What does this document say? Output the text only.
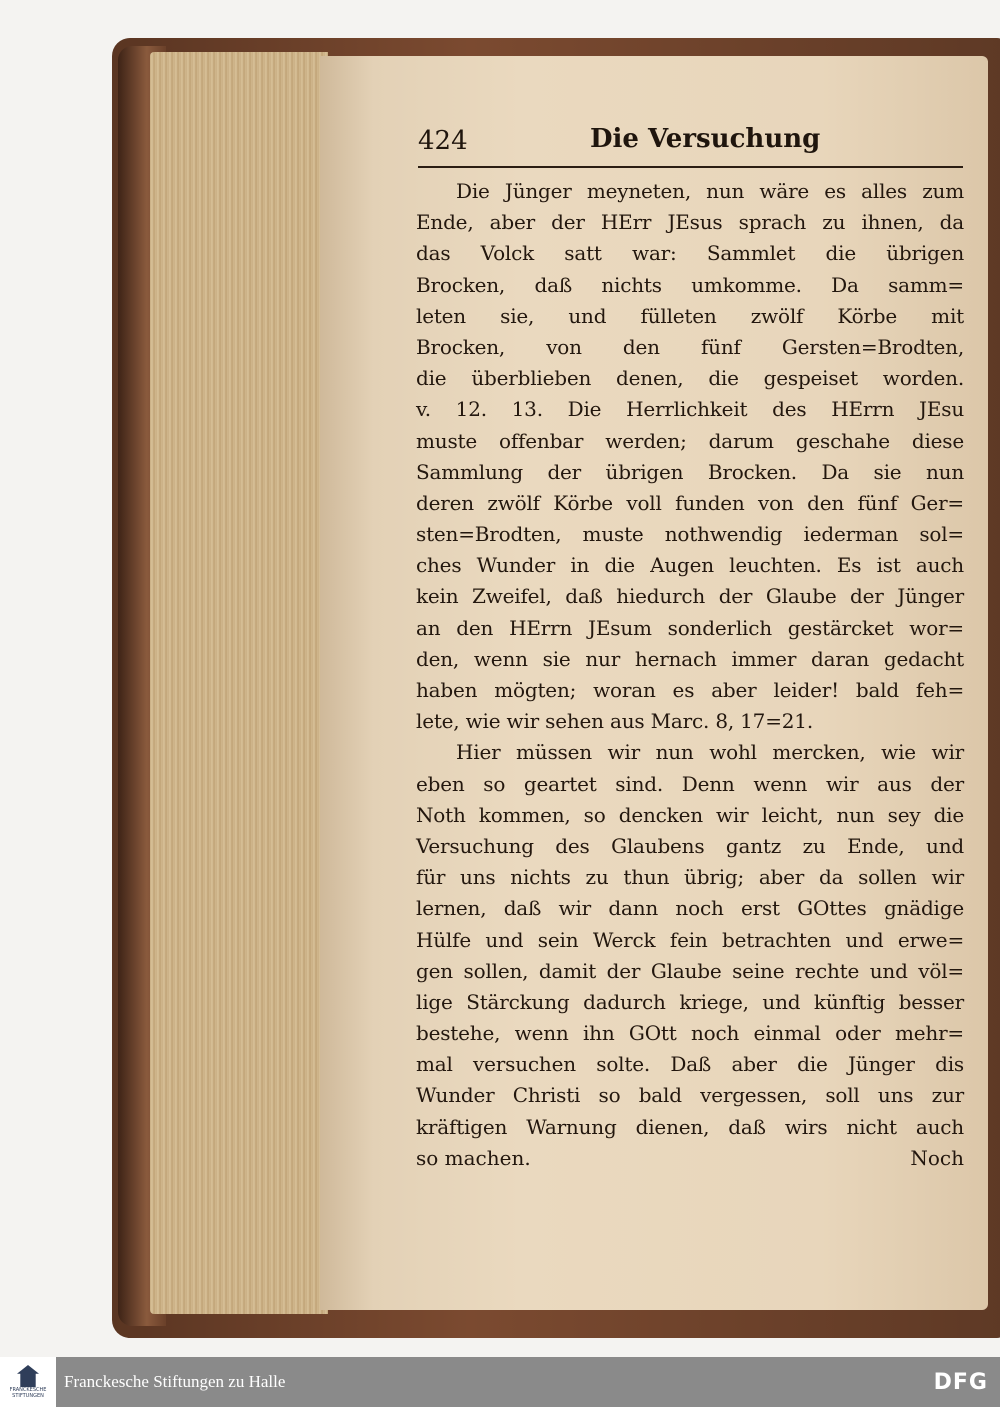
424	Die Versuchung
Die Jünger meyneten, nun wäre es alles zum
Ende, aber der HErr JEsus sprach zu ihnen, da
das Volck satt war: Sammlet die übrigen
Brocken, daß nichts umkomme. Da samm=
leten sie, und fülleten zwölf Körbe mit
Brocken, von den fünf Gersten=Brodten,
die überblieben denen, die gespeiset worden.
v. 12. 13. Die Herrlichkeit des HErrn JEsu
muste offenbar werden; darum geschahe diese
Sammlung der übrigen Brocken. Da sie nun
deren zwölf Körbe voll funden von den fünf Ger=
sten=Brodten, muste nothwendig iederman sol=
ches Wunder in die Augen leuchten. Es ist auch
kein Zweifel, daß hiedurch der Glaube der Jünger
an den HErrn JEsum sonderlich gestärcket wor=
den, wenn sie nur hernach immer daran gedacht
haben mögten; woran es aber leider! bald feh=
lete, wie wir sehen aus Marc. 8, 17=21.
Hier müssen wir nun wohl mercken, wie wir
eben so geartet sind. Denn wenn wir aus der
Noth kommen, so dencken wir leicht, nun sey die
Versuchung des Glaubens gantz zu Ende, und
für uns nichts zu thun übrig; aber da sollen wir
lernen, daß wir dann noch erst GOttes gnädige
Hülfe und sein Werck fein betrachten und erwe=
gen sollen, damit der Glaube seine rechte und völ=
lige Stärckung dadurch kriege, und künftig besser
bestehe, wenn ihn GOtt noch einmal oder mehr=
mal versuchen solte. Daß aber die Jünger dis
Wunder Christi so bald vergessen, soll uns zur
kräftigen Warnung dienen, daß wirs nicht auch
so machen.	Noch
FRANCKESCHE STIFTUNGEN
Franckesche Stiftungen zu Halle	DFG
